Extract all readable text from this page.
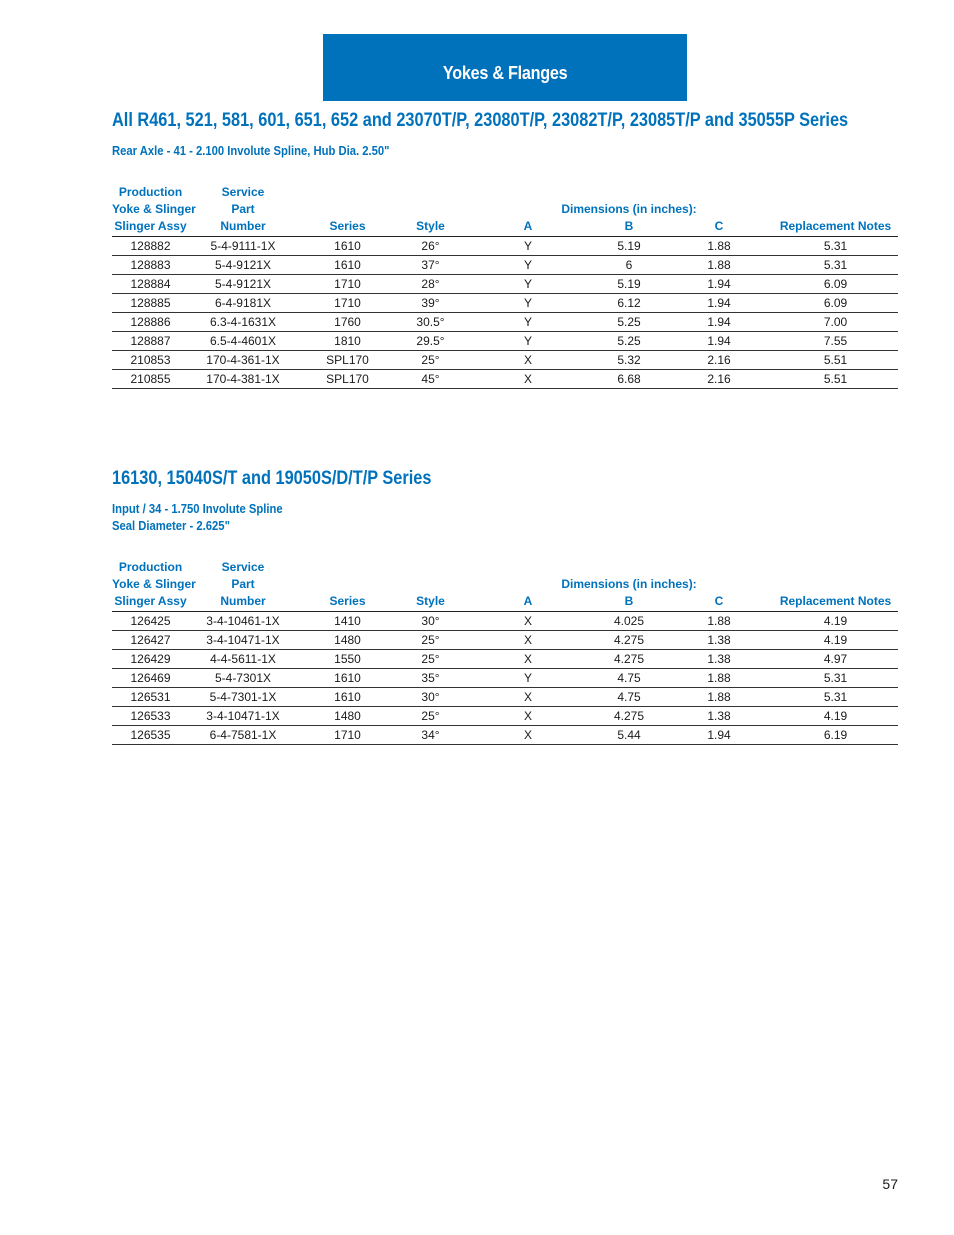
Yokes & Flanges
All R461, 521, 581, 601, 651, 652 and 23070T/P, 23080T/P, 23082T/P, 23085T/P and 35055P Series
Rear Axle - 41 - 2.100 Involute Spline, Hub Dia. 2.50"
Production
Yoke & Slinger
Slinger Assy	Service
Part
Number	Series	Style	A	Dimensions (in inches):
B	C	Replacement Notes

128882	5-4-9111-1X	1610	26°	Y	5.19	1.88	5.31
128883	5-4-9121X	1610	37°	Y	6	1.88	5.31
128884	5-4-9121X	1710	28°	Y	5.19	1.94	6.09
128885	6-4-9181X	1710	39°	Y	6.12	1.94	6.09
128886	6.3-4-1631X	1760	30.5°	Y	5.25	1.94	7.00
128887	6.5-4-4601X	1810	29.5°	Y	5.25	1.94	7.55
210853	170-4-361-1X	SPL170	25°	X	5.32	2.16	5.51
210855	170-4-381-1X	SPL170	45°	X	6.68	2.16	5.51
16130, 15040S/T and 19050S/D/T/P Series
Input / 34 - 1.750 Involute Spline
Seal Diameter - 2.625"
Production
Yoke & Slinger
Slinger Assy	Service
Part
Number	Series	Style	A	Dimensions (in inches):
B	C	Replacement Notes

126425	3-4-10461-1X	1410	30°	X	4.025	1.88	4.19
126427	3-4-10471-1X	1480	25°	X	4.275	1.38	4.19
126429	4-4-5611-1X	1550	25°	X	4.275	1.38	4.97
126469	5-4-7301X	1610	35°	Y	4.75	1.88	5.31
126531	5-4-7301-1X	1610	30°	X	4.75	1.88	5.31
126533	3-4-10471-1X	1480	25°	X	4.275	1.38	4.19
126535	6-4-7581-1X	1710	34°	X	5.44	1.94	6.19
57
